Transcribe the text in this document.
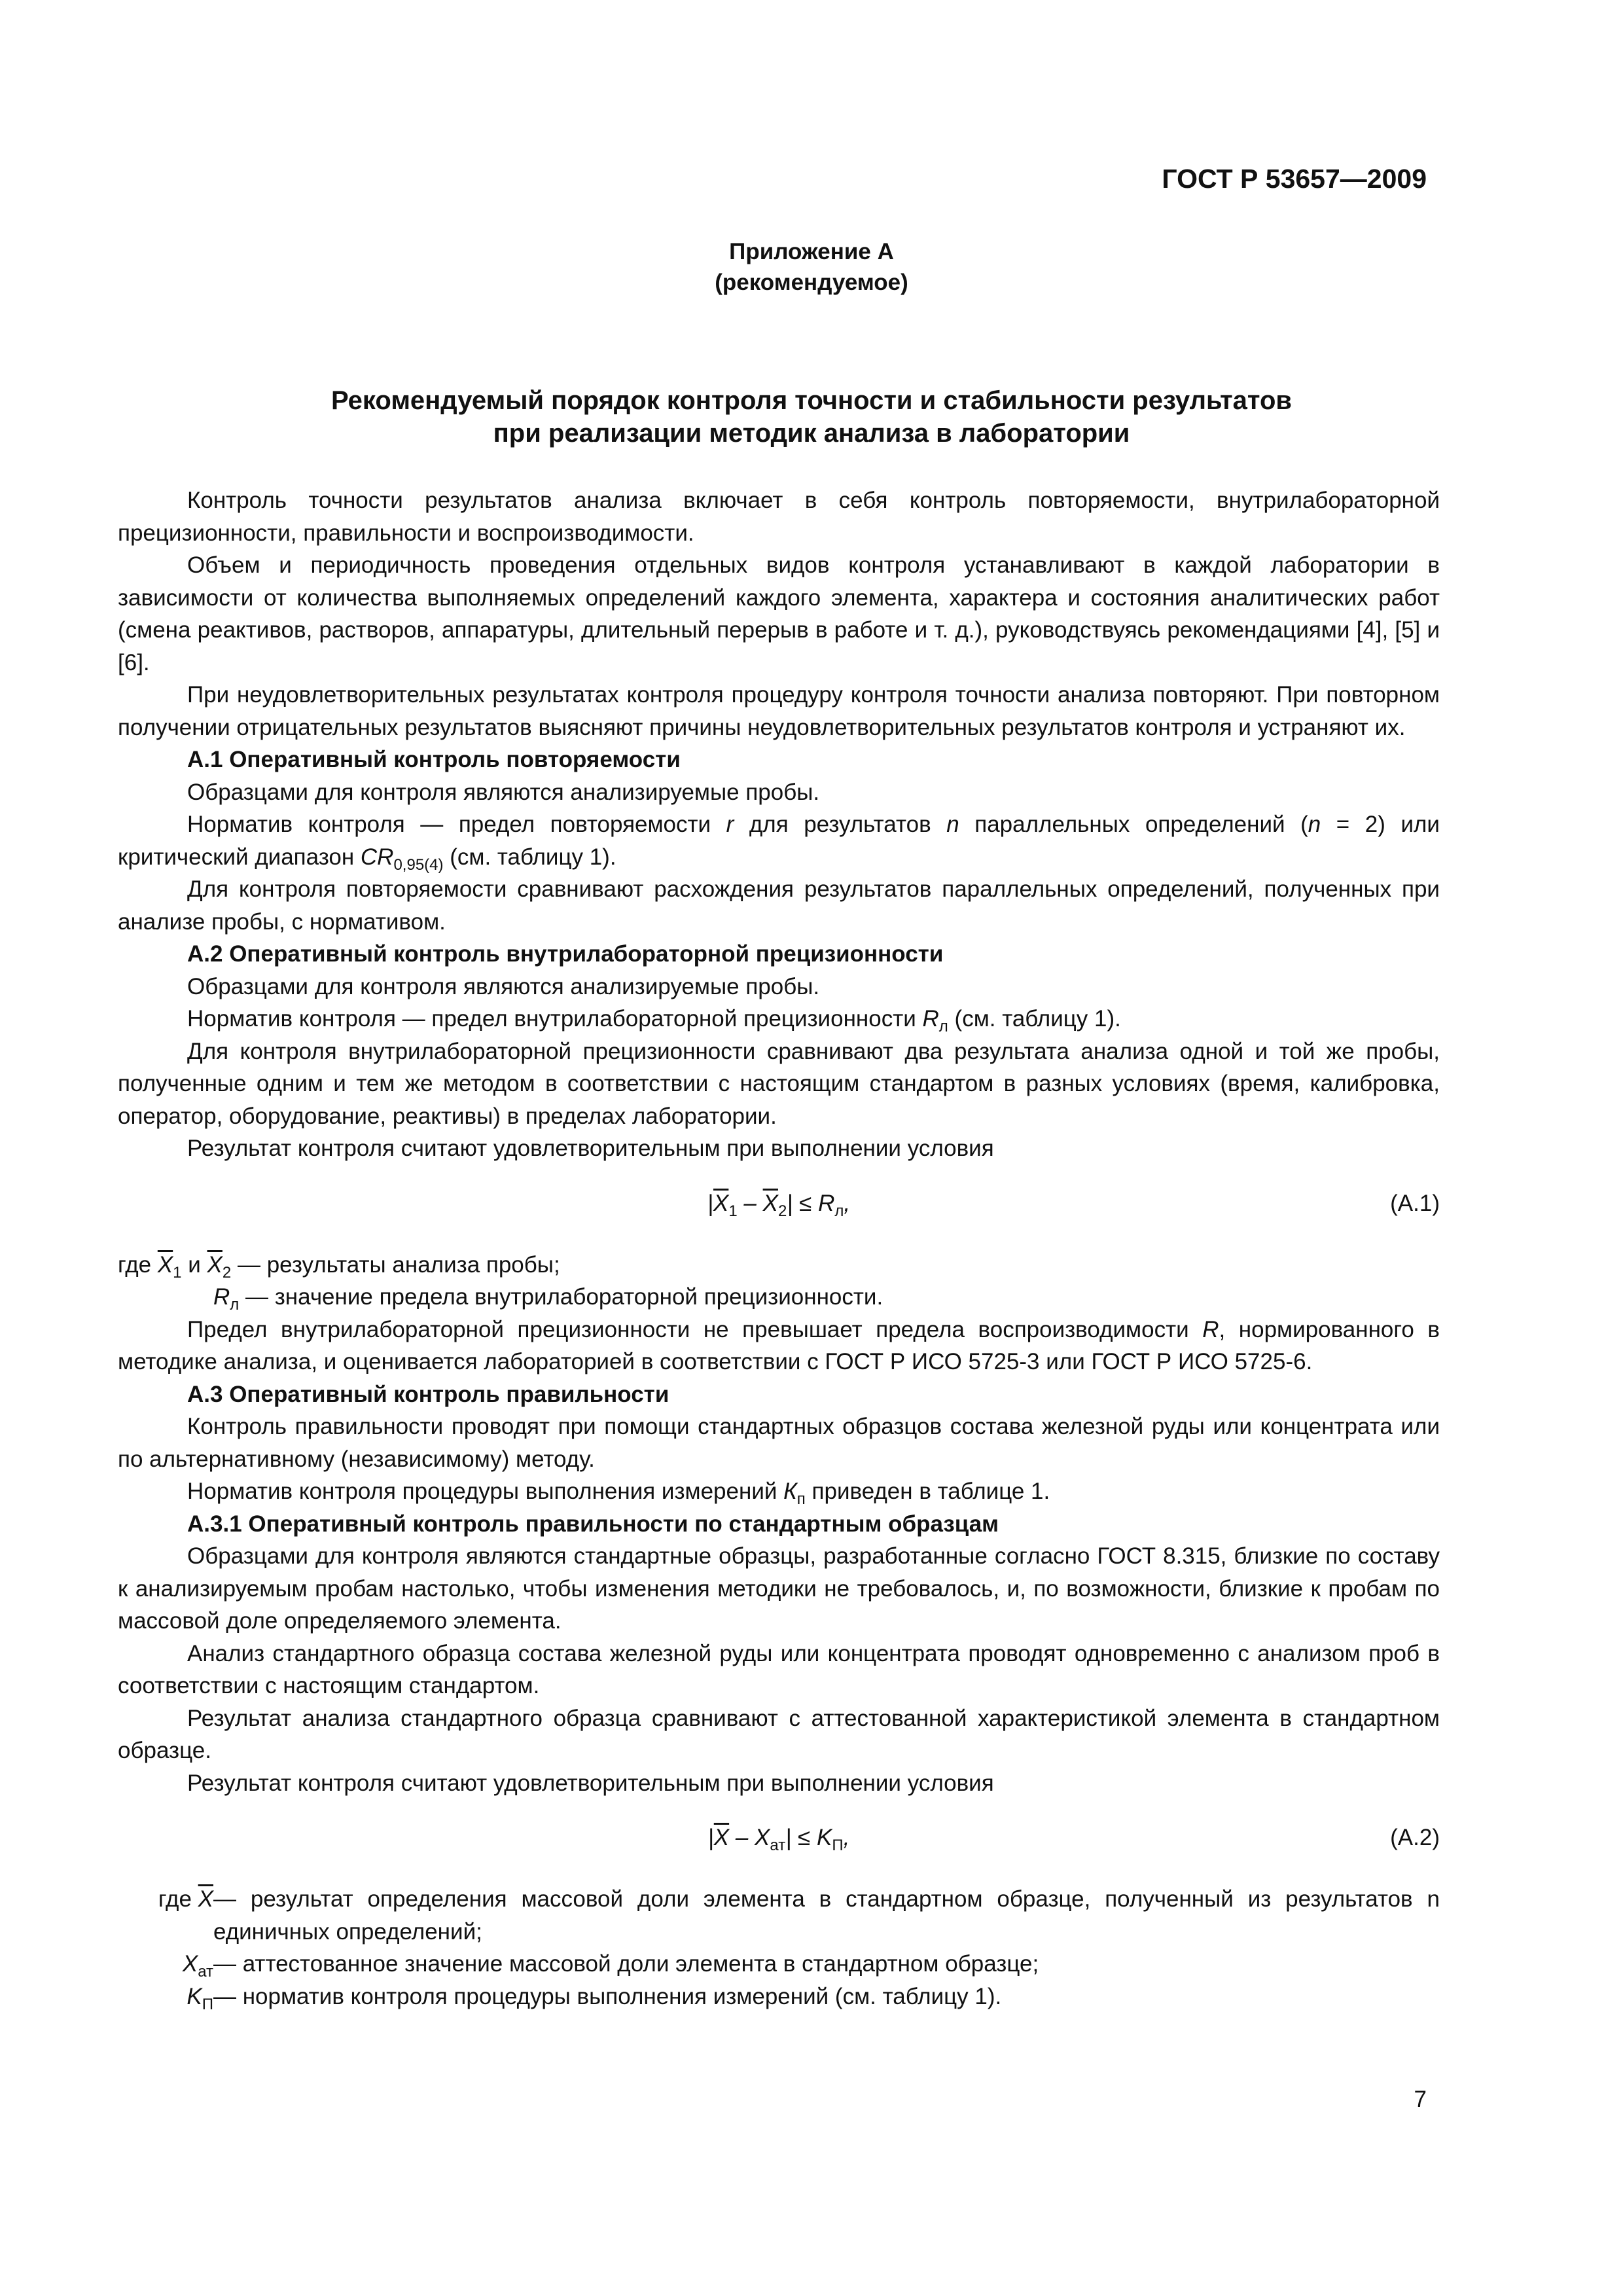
ГОСТ Р 53657—2009
Приложение А
(рекомендуемое)
Рекомендуемый порядок контроля точности и стабильности результатов
при реализации методик анализа в лаборатории

Контроль точности результатов анализа включает в себя контроль повторяемости, внутрилабораторной прецизионности, правильности и воспроизводимости.

Объем и периодичность проведения отдельных видов контроля устанавливают в каждой лаборатории в зависимости от количества выполняемых определений каждого элемента, характера и состояния аналитических работ (смена реактивов, растворов, аппаратуры, длительный перерыв в работе и т. д.), руководствуясь рекомендациями [4], [5] и [6].

При неудовлетворительных результатах контроля процедуру контроля точности анализа повторяют. При повторном получении отрицательных результатов выясняют причины неудовлетворительных результатов контроля и устраняют их.

А.1 Оперативный контроль повторяемости

Образцами для контроля являются анализируемые пробы.

Норматив контроля — предел повторяемости r для результатов n параллельных определений (n = 2) или критический диапазон $CR_{0,95(4)}$ (см. таблицу 1).

Для контроля повторяемости сравнивают расхождения результатов параллельных определений, полученных при анализе пробы, с нормативом.

А.2 Оперативный контроль внутрилабораторной прецизионности

Образцами для контроля являются анализируемые пробы.

Норматив контроля — предел внутрилабораторной прецизионности $R_л$ (см. таблицу 1).

Для контроля внутрилабораторной прецизионности сравнивают два результата анализа одной и той же пробы, полученные одним и тем же методом в соответствии с настоящим стандартом в разных условиях (время, калибровка, оператор, оборудование, реактивы) в пределах лаборатории.

Результат контроля считают удовлетворительным при выполнении условия

$|\overline{X}_1 - \overline{X}_2| \le R_л$,	(А.1)

где $\overline{X}_1$ и $\overline{X}_2$ — результаты анализа пробы;

$R_л$ — значение предела внутрилабораторной прецизионности.

Предел внутрилабораторной прецизионности не превышает предела воспроизводимости R, нормированного в методике анализа, и оценивается лабораторией в соответствии с ГОСТ Р ИСО 5725-3 или ГОСТ Р ИСО 5725-6.

А.3 Оперативный контроль правильности

Контроль правильности проводят при помощи стандартных образцов состава железной руды или концентрата или по альтернативному (независимому) методу.

Норматив контроля процедуры выполнения измерений $К_п$ приведен в таблице 1.

А.3.1 Оперативный контроль правильности по стандартным образцам

Образцами для контроля являются стандартные образцы, разработанные согласно ГОСТ 8.315, близкие по составу к анализируемым пробам настолько, чтобы изменения методики не требовалось, и, по возможности, близкие к пробам по массовой доле определяемого элемента.

Анализ стандартного образца состава железной руды или концентрата проводят одновременно с анализом проб в соответствии с настоящим стандартом.

Результат анализа стандартного образца сравнивают с аттестованной характеристикой элемента в стандартном образце.

Результат контроля считают удовлетворительным при выполнении условия

$|\overline{X} - X_{ат}| \le K_П$,	(А.2)
где $\overline{X}$ — результат определения массовой доли элемента в стандартном образце, полученный из результатов n единичных определений;
$X_{ат}$ — аттестованное значение массовой доли элемента в стандартном образце;
$K_П$ — норматив контроля процедуры выполнения измерений (см. таблицу 1).
7
